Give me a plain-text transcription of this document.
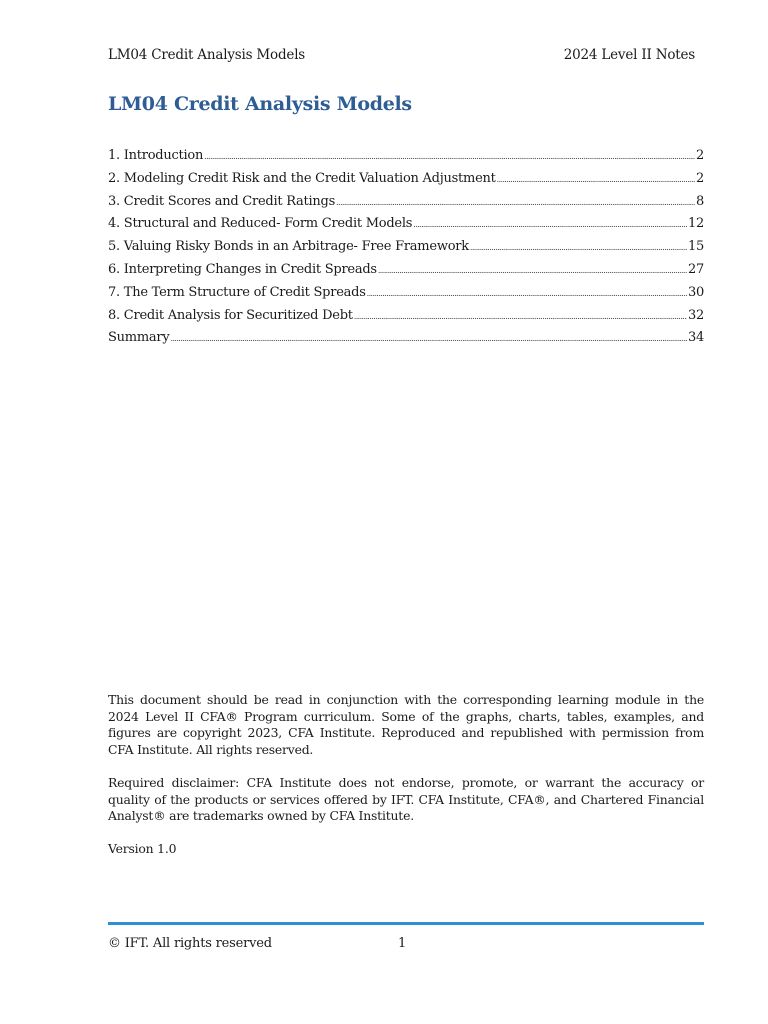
LM04 Credit Analysis Models	2024 Level II Notes
LM04 Credit Analysis Models
1. Introduction .....	2
2. Modeling Credit Risk and the Credit Valuation Adjustment .....	2
3. Credit Scores and Credit Ratings .....	8
4. Structural and Reduced- Form Credit Models .....	12
5. Valuing Risky Bonds in an Arbitrage- Free Framework .....	15
6. Interpreting Changes in Credit Spreads .....	27
7. The Term Structure of Credit Spreads .....	30
8. Credit Analysis for Securitized Debt .....	32
Summary .....	34

This document should be read in conjunction with the corresponding learning module in the 2024 Level II CFA® Program curriculum. Some of the graphs, charts, tables, examples, and figures are copyright 2023, CFA Institute. Reproduced and republished with permission from CFA Institute. All rights reserved.

Required disclaimer: CFA Institute does not endorse, promote, or warrant the accuracy or quality of the products or services offered by IFT. CFA Institute, CFA®, and Chartered Financial Analyst® are trademarks owned by CFA Institute.

Version 1.0

© IFT. All rights reserved	1
